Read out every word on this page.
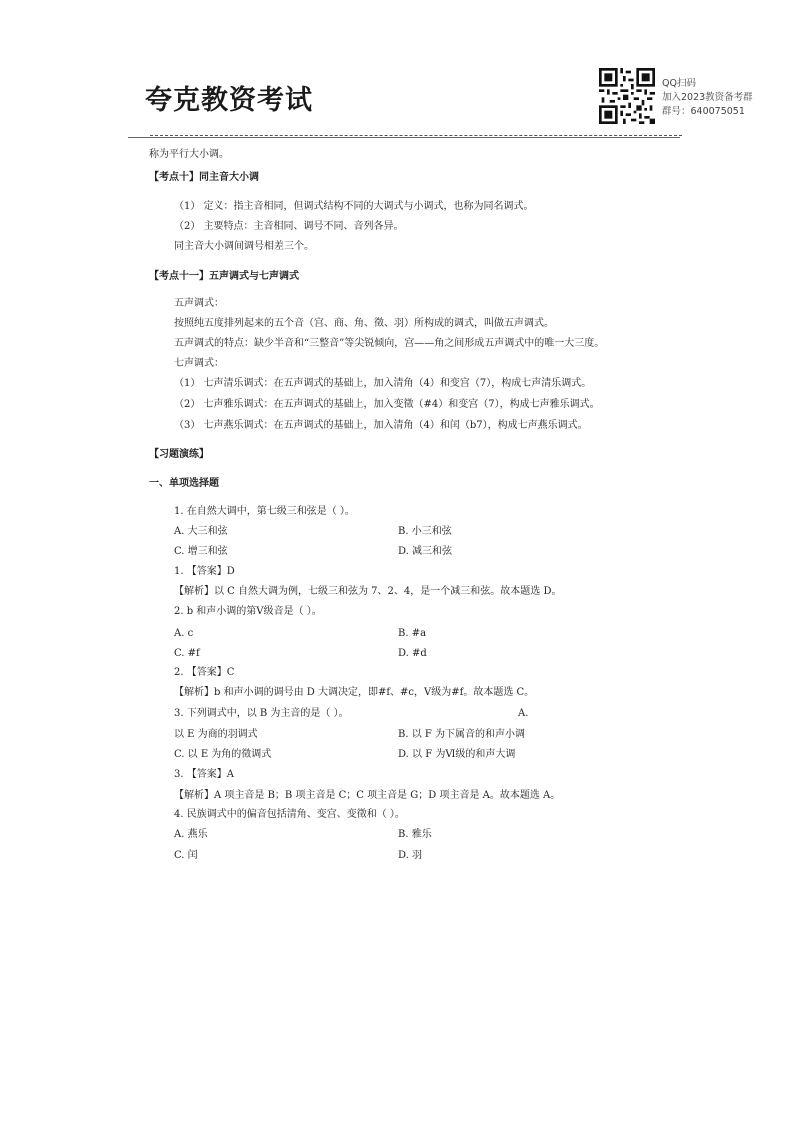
夸克教资考试
QQ扫码
加入2023教资备考群
群号：640075051
称为平行大小调。
【考点十】同主音大小调
（1） 定义：指主音相同，但调式结构不同的大调式与小调式，也称为同名调式。
（2） 主要特点：主音相同、调号不同、音列各异。
同主音大小调间调号相差三个。
【考点十一】五声调式与七声调式
五声调式：
按照纯五度排列起来的五个音（宫、商、角、徵、羽）所构成的调式，叫做五声调式。
五声调式的特点：缺少半音和“三整音”等尖锐倾向，宫——角之间形成五声调式中的唯一大三度。
七声调式：
（1） 七声清乐调式：在五声调式的基础上，加入清角（4）和变宫（7），构成七声清乐调式。
（2） 七声雅乐调式：在五声调式的基础上，加入变徵（#4）和变宫（7），构成七声雅乐调式。
（3） 七声燕乐调式：在五声调式的基础上，加入清角（4）和闰（b7），构成七声燕乐调式。
【习题演练】
一、单项选择题
1. 在自然大调中，第七级三和弦是（ ）。
A. 大三和弦	B. 小三和弦
C. 增三和弦	D. 减三和弦
1. 【答案】D
【解析】以 C 自然大调为例，七级三和弦为 7、2、4，是一个减三和弦。故本题选 D。
2. b 和声小调的第Ⅴ级音是（ ）。
A. c	B. #a
C. #f	D. #d
2. 【答案】C
【解析】b 和声小调的调号由 D 大调决定，即#f、#c，Ⅴ级为#f。故本题选 C。
3. 下列调式中，以 B 为主音的是（ ）。	A.
以 E 为商的羽调式	B. 以 F 为下属音的和声小调
C. 以 E 为角的徵调式	D. 以 F 为Ⅵ级的和声大调
3. 【答案】A
【解析】A 项主音是 B；B 项主音是 C；C 项主音是 G；D 项主音是 A。故本题选 A。
4. 民族调式中的偏音包括清角、变宫、变徵和（ ）。
A. 燕乐	B. 雅乐
C. 闰	D. 羽
